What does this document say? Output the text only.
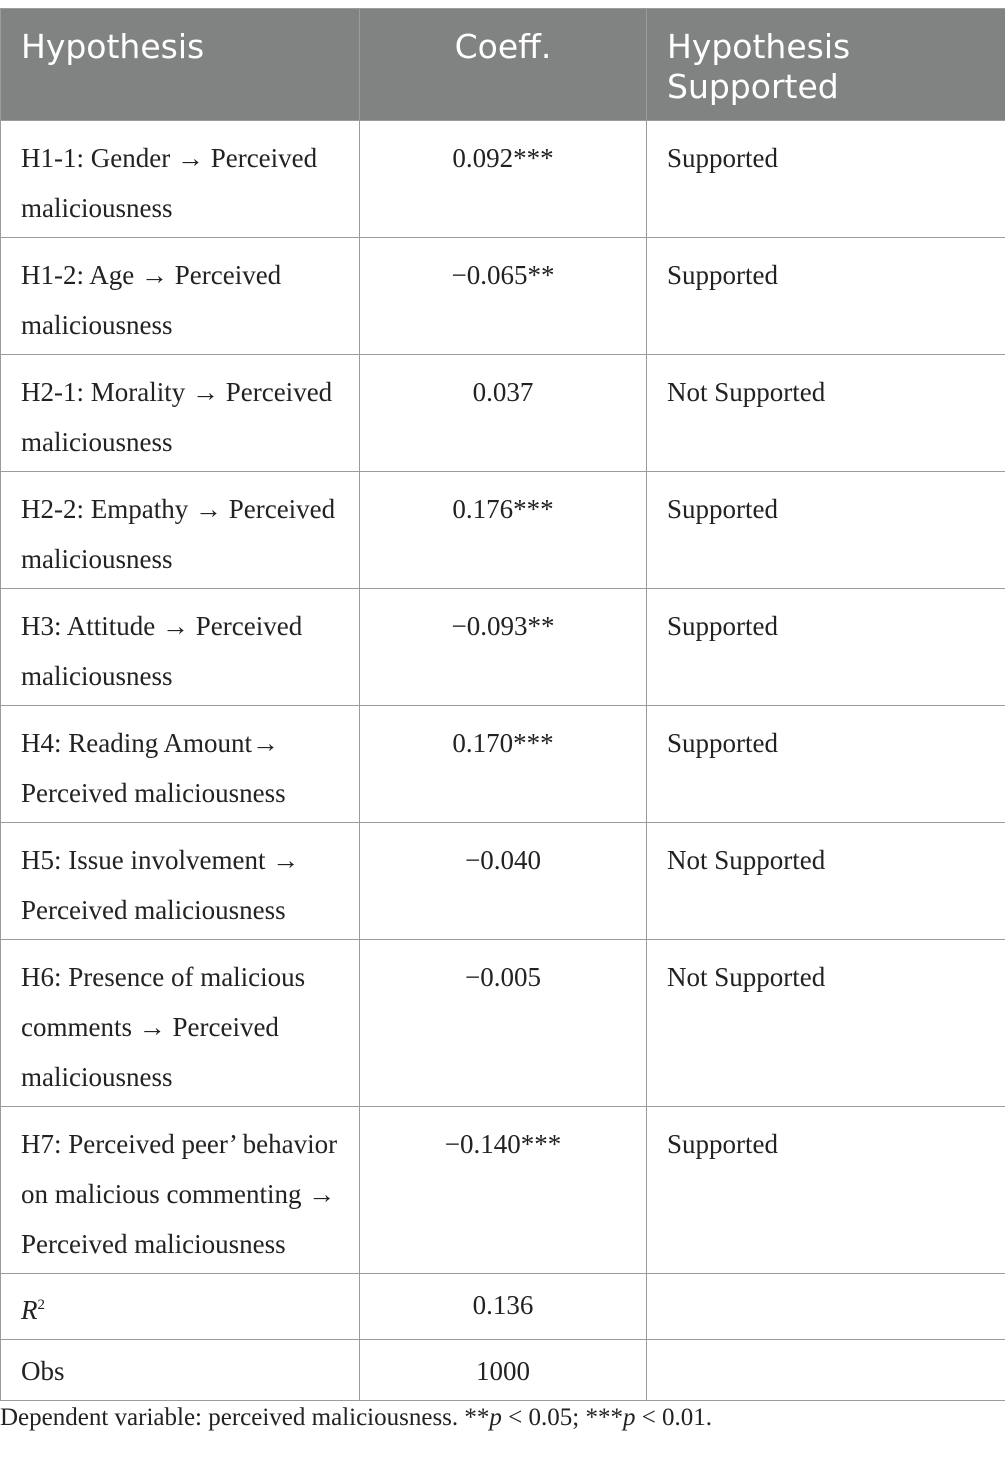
Hypothesis	Coeff.	Hypothesis Supported
H1-1: Gender → Perceived maliciousness	0.092***	Supported
H1-2: Age → Perceived maliciousness	−0.065**	Supported
H2-1: Morality → Perceived maliciousness	0.037	Not Supported
H2-2: Empathy → Perceived maliciousness	0.176***	Supported
H3: Attitude → Perceived maliciousness	−0.093**	Supported
H4: Reading Amount→ Perceived maliciousness	0.170***	Supported
H5: Issue involvement → Perceived maliciousness	−0.040	Not Supported
H6: Presence of malicious comments → Perceived maliciousness	−0.005	Not Supported
H7: Perceived peer’ behavior on malicious commenting → Perceived maliciousness	−0.140***	Supported
$R^2$	0.136	
Obs	1000	
Dependent variable: perceived maliciousness. **p < 0.05; ***p < 0.01.
